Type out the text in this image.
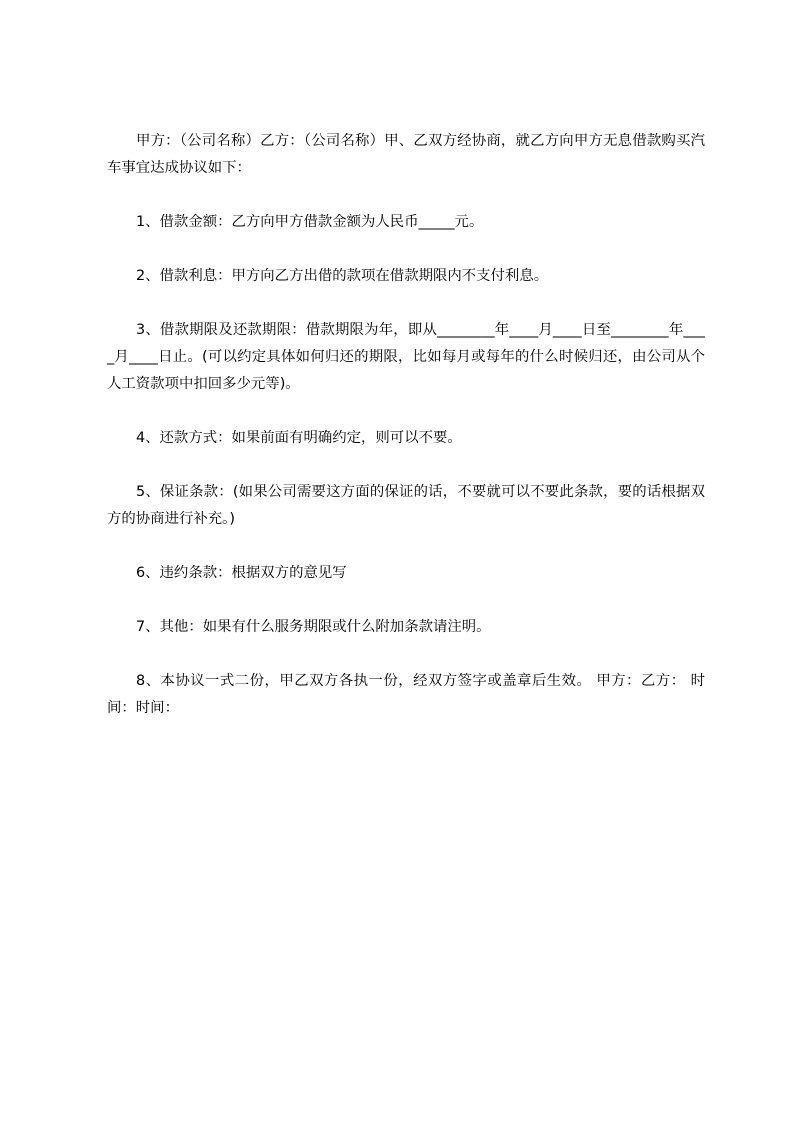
甲方：（公司名称）乙方：（公司名称）甲、乙双方经协商，就乙方向甲方无息借款购买汽车事宜达成协议如下：

1、借款金额：乙方向甲方借款金额为人民币_____元。

2、借款利息：甲方向乙方出借的款项在借款期限内不支付利息。

3、借款期限及还款期限：借款期限为年，即从________年____月____日至________年____月____日止。(可以约定具体如何归还的期限，比如每月或每年的什么时候归还，由公司从个人工资款项中扣回多少元等)。

4、还款方式：如果前面有明确约定，则可以不要。

5、保证条款：(如果公司需要这方面的保证的话，不要就可以不要此条款，要的话根据双方的协商进行补充。)

6、违约条款：根据双方的意见写

7、其他：如果有什么服务期限或什么附加条款请注明。

8、本协议一式二份，甲乙双方各执一份，经双方签字或盖章后生效。 甲方：乙方： 时间：时间：
